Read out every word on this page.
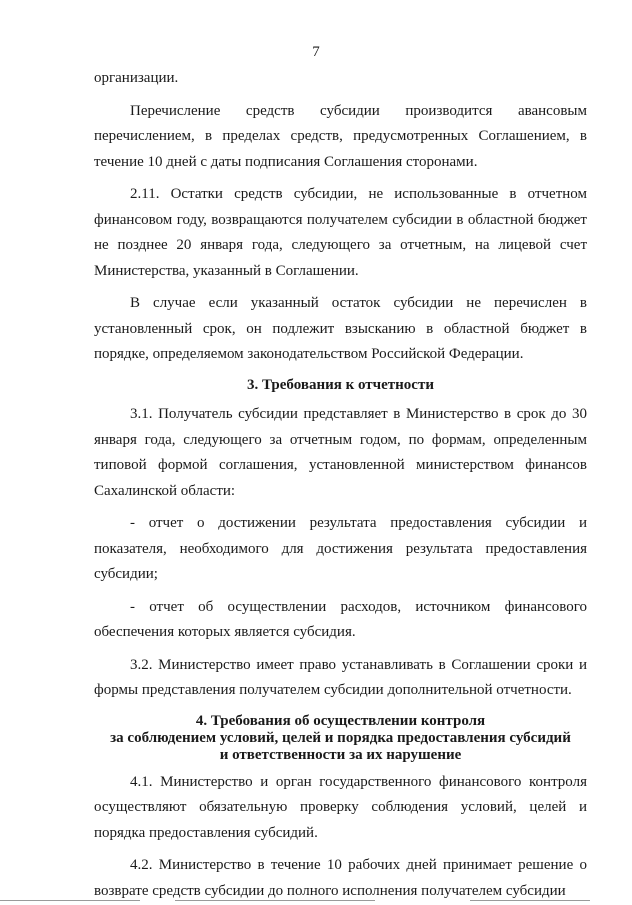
7

организации.

Перечисление средств субсидии производится авансовым перечислением, в пределах средств, предусмотренных Соглашением, в течение 10 дней с даты подписания Соглашения сторонами.

2.11. Остатки средств субсидии, не использованные в отчетном финансовом году, возвращаются получателем субсидии в областной бюджет не позднее 20 января года, следующего за отчетным, на лицевой счет Министерства, указанный в Соглашении.

В случае если указанный остаток субсидии не перечислен в установленный срок, он подлежит взысканию в областной бюджет в порядке, определяемом законодательством Российской Федерации.

3. Требования к отчетности

3.1. Получатель субсидии представляет в Министерство в срок до 30 января года, следующего за отчетным годом, по формам, определенным типовой формой соглашения, установленной министерством финансов Сахалинской области:

- отчет о достижении результата предоставления субсидии и показателя, необходимого для достижения результата предоставления субсидии;

- отчет об осуществлении расходов, источником финансового обеспечения которых является субсидия.

3.2. Министерство имеет право устанавливать в Соглашении сроки и формы представления получателем субсидии дополнительной отчетности.

4. Требования об осуществлении контроля
за соблюдением условий, целей и порядка предоставления субсидий
и ответственности за их нарушение

4.1. Министерство и орган государственного финансового контроля осуществляют обязательную проверку соблюдения условий, целей и порядка предоставления субсидий.

4.2. Министерство в течение 10 рабочих дней принимает решение о возврате средств субсидии до полного исполнения получателем субсидии
